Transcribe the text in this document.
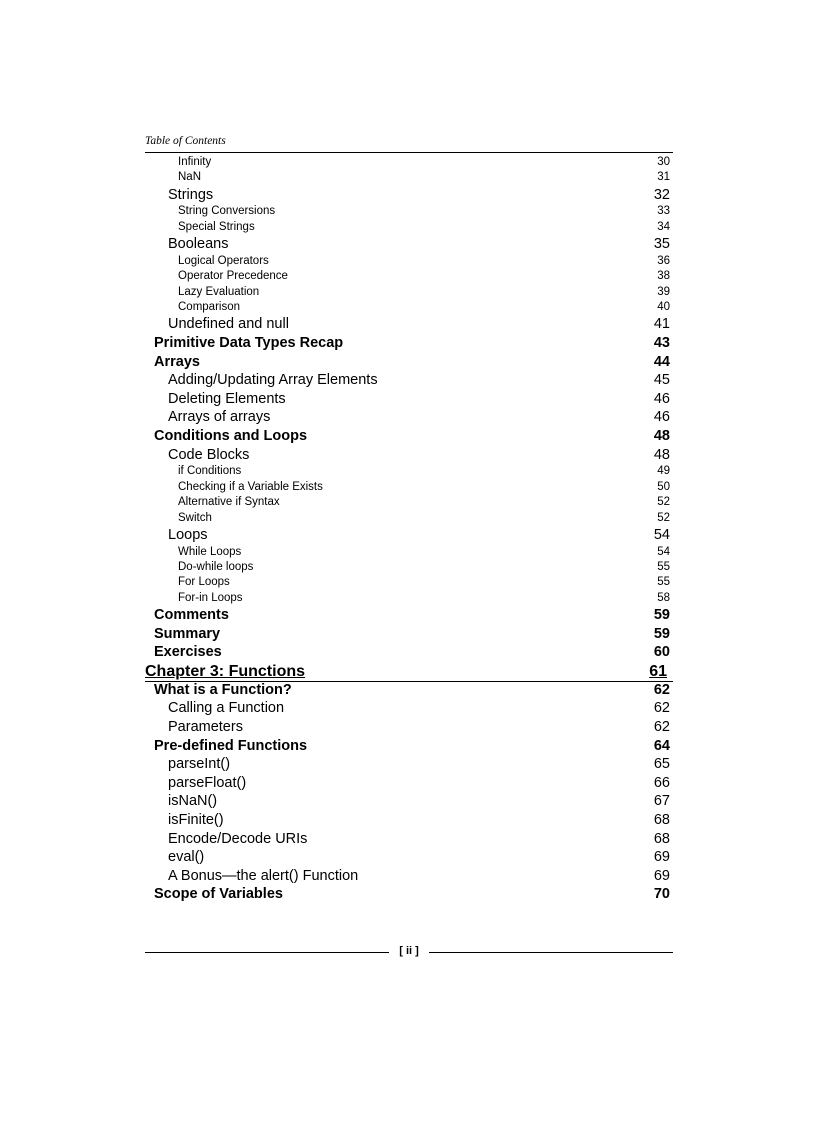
Table of Contents
Infinity	30
NaN	31
Strings	32
String Conversions	33
Special Strings	34
Booleans	35
Logical Operators	36
Operator Precedence	38
Lazy Evaluation	39
Comparison	40
Undefined and null	41
Primitive Data Types Recap	43
Arrays	44
Adding/Updating Array Elements	45
Deleting Elements	46
Arrays of arrays	46
Conditions and Loops	48
Code Blocks	48
if Conditions	49
Checking if a Variable Exists	50
Alternative if Syntax	52
Switch	52
Loops	54
While Loops	54
Do-while loops	55
For Loops	55
For-in Loops	58
Comments	59
Summary	59
Exercises	60
Chapter 3: Functions	61
What is a Function?	62
Calling a Function	62
Parameters	62
Pre-defined Functions	64
parseInt()	65
parseFloat()	66
isNaN()	67
isFinite()	68
Encode/Decode URIs	68
eval()	69
A Bonus—the alert() Function	69
Scope of Variables	70
[ ii ]
